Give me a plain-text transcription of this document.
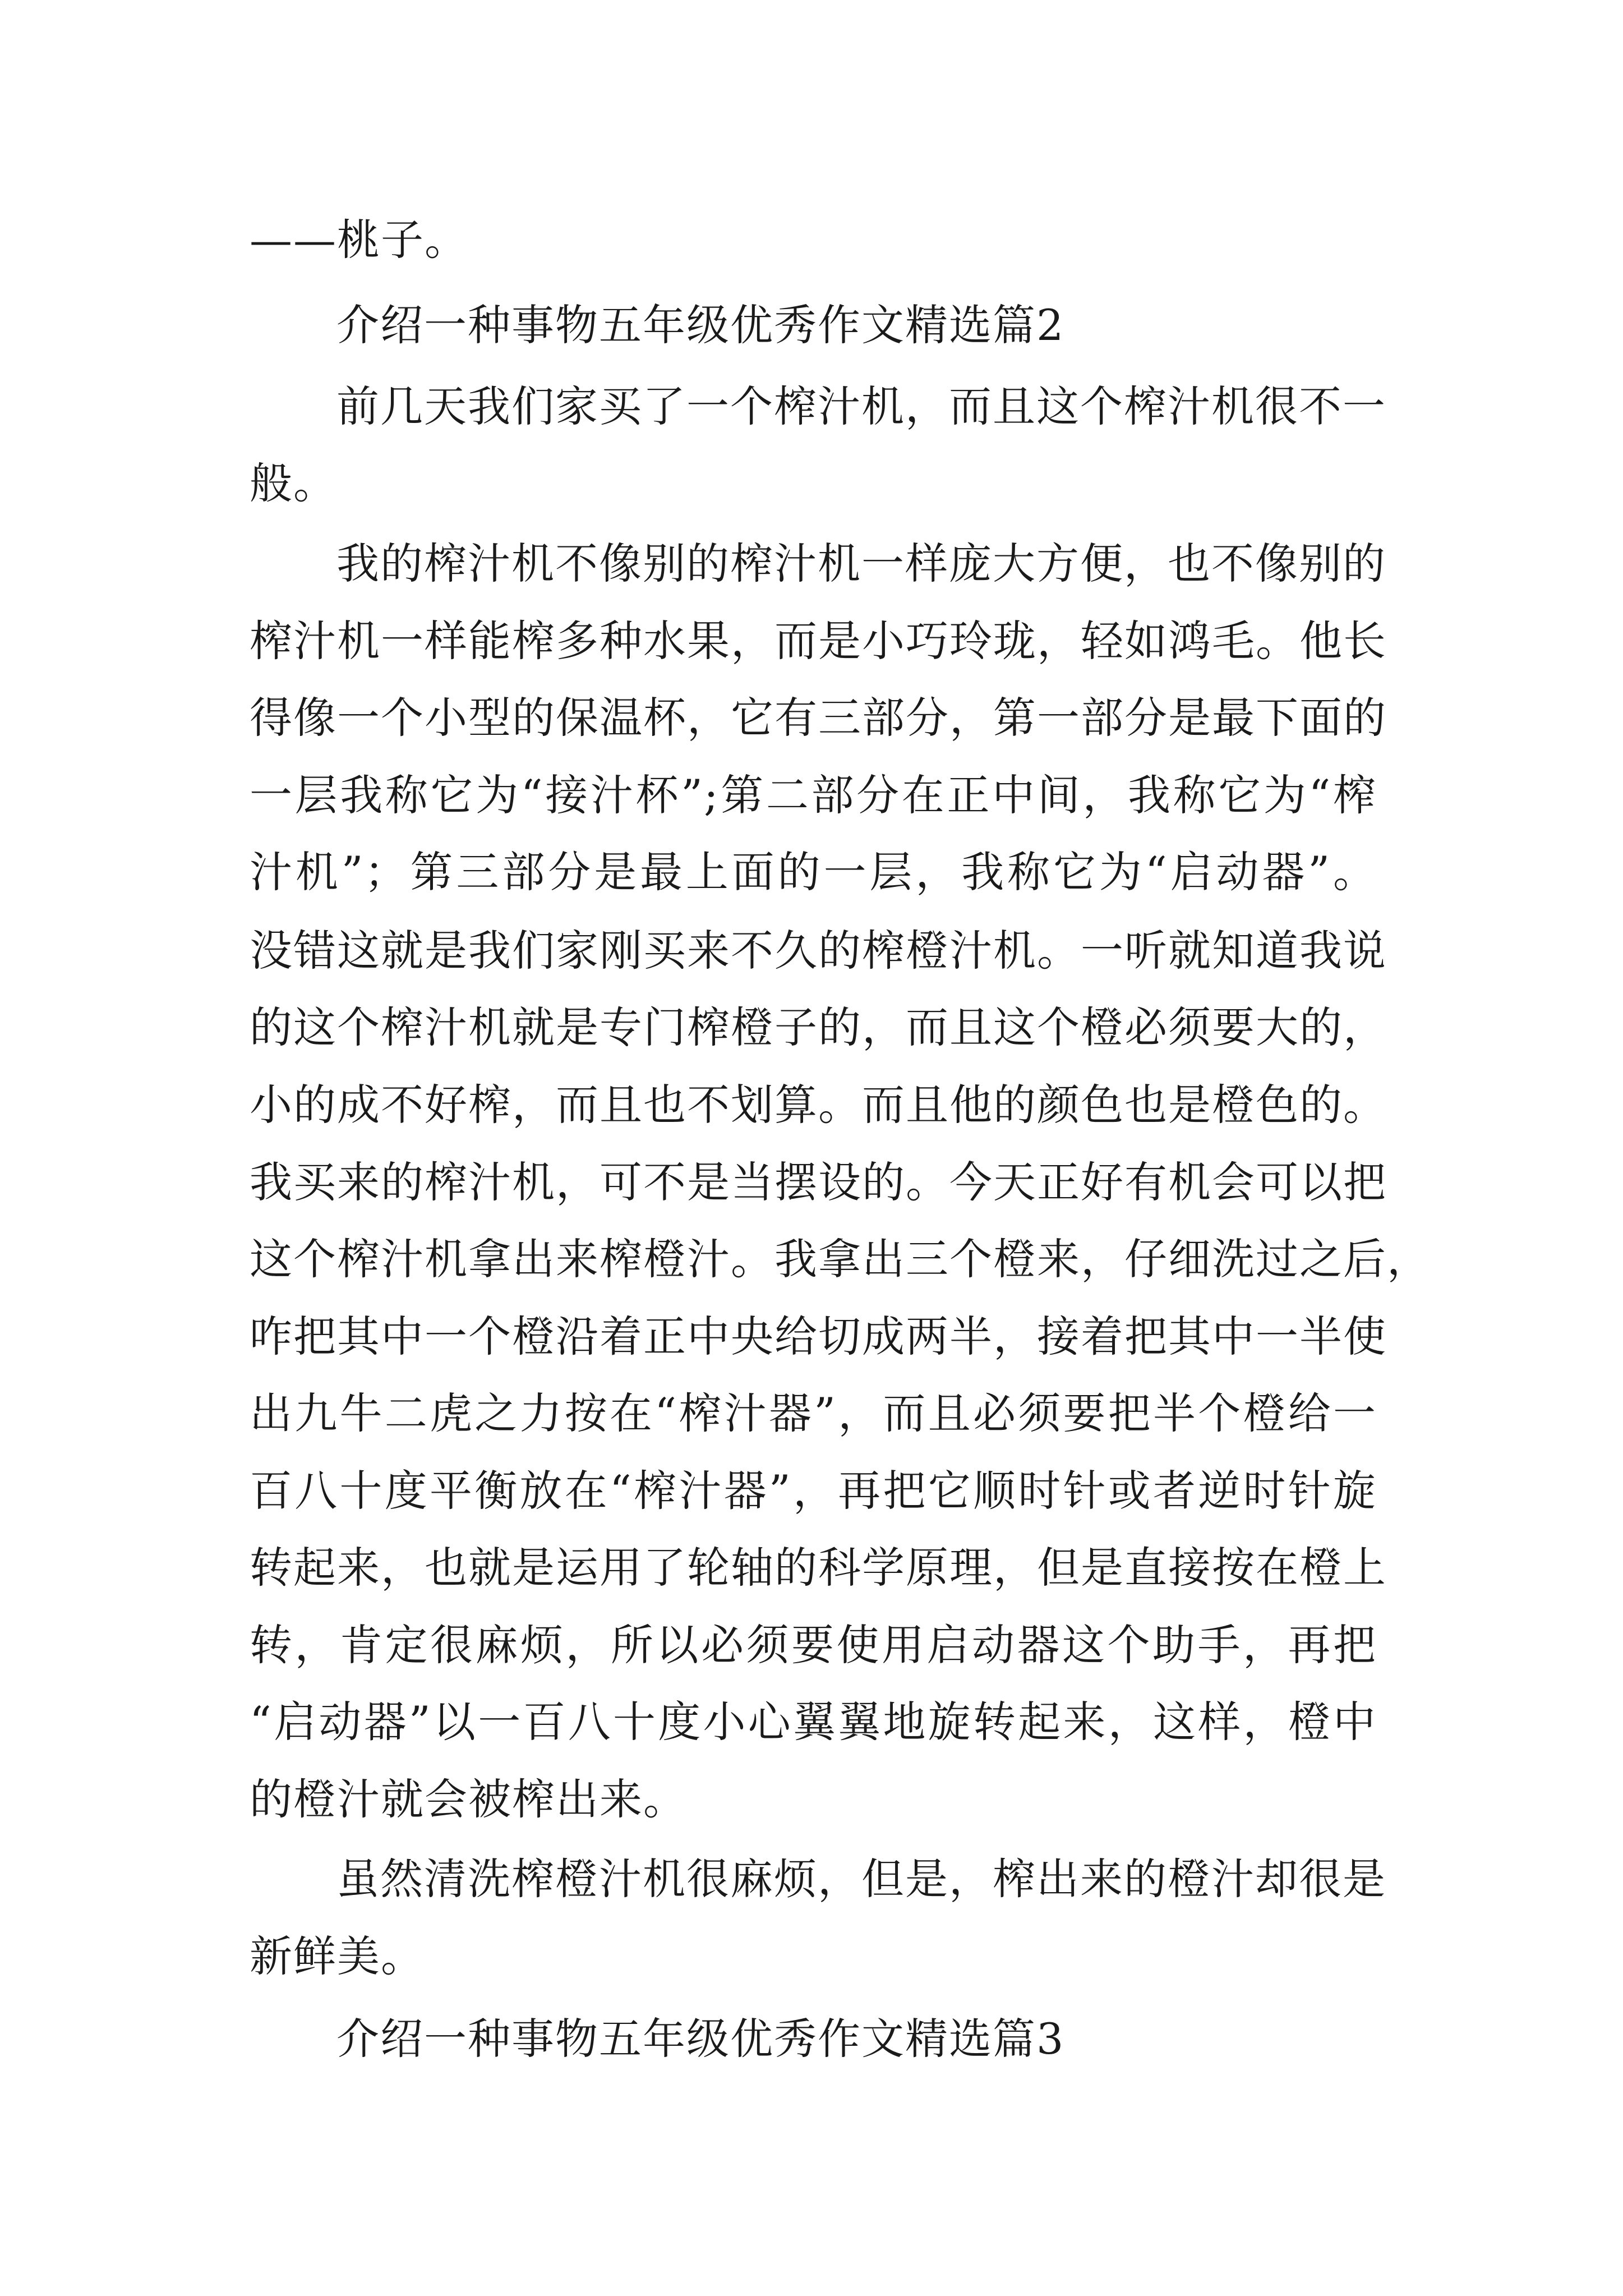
——桃子。
介绍一种事物五年级优秀作文精选篇2
前几天我们家买了一个榨汁机，而且这个榨汁机很不一
般。
我的榨汁机不像别的榨汁机一样庞大方便，也不像别的
榨汁机一样能榨多种水果，而是小巧玲珑，轻如鸿毛。他长
得像一个小型的保温杯，它有三部分，第一部分是最下面的
一层我称它为“接汁杯”;第二部分在正中间，我称它为“榨
汁机”；第三部分是最上面的一层，我称它为“启动器”。
没错这就是我们家刚买来不久的榨橙汁机。一听就知道我说
的这个榨汁机就是专门榨橙子的，而且这个橙必须要大的，
小的成不好榨，而且也不划算。而且他的颜色也是橙色的。
我买来的榨汁机，可不是当摆设的。今天正好有机会可以把
这个榨汁机拿出来榨橙汁。我拿出三个橙来，仔细洗过之后，
咋把其中一个橙沿着正中央给切成两半，接着把其中一半使
出九牛二虎之力按在“榨汁器”，而且必须要把半个橙给一
百八十度平衡放在“榨汁器”，再把它顺时针或者逆时针旋
转起来，也就是运用了轮轴的科学原理，但是直接按在橙上
转，肯定很麻烦，所以必须要使用启动器这个助手，再把
“启动器”以一百八十度小心翼翼地旋转起来，这样，橙中
的橙汁就会被榨出来。
虽然清洗榨橙汁机很麻烦，但是，榨出来的橙汁却很是
新鲜美。
介绍一种事物五年级优秀作文精选篇3
